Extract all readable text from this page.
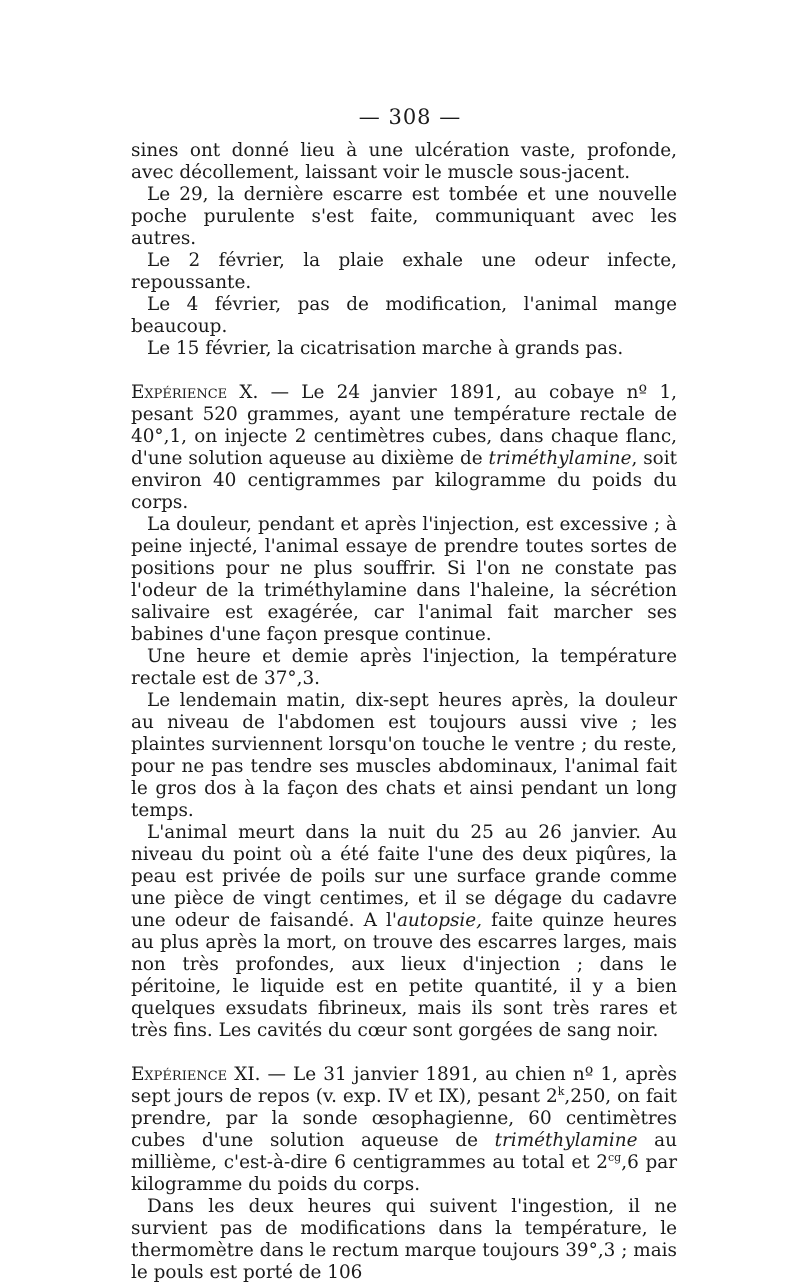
— 308 —

sines ont donné lieu à une ulcération vaste, profonde, avec décollement, laissant voir le muscle sous-jacent.

Le 29, la dernière escarre est tombée et une nouvelle poche purulente s'est faite, communiquant avec les autres.

Le 2 février, la plaie exhale une odeur infecte, repoussante.

Le 4 février, pas de modification, l'animal mange beaucoup.

Le 15 février, la cicatrisation marche à grands pas.

Expérience X. — Le 24 janvier 1891, au cobaye nº 1, pesant 520 grammes, ayant une température rectale de 40°,1, on injecte 2 centimètres cubes, dans chaque flanc, d'une solution aqueuse au dixième de triméthylamine, soit environ 40 centigrammes par kilogramme du poids du corps.

La douleur, pendant et après l'injection, est excessive ; à peine injecté, l'animal essaye de prendre toutes sortes de positions pour ne plus souffrir. Si l'on ne constate pas l'odeur de la triméthylamine dans l'haleine, la sécrétion salivaire est exagérée, car l'animal fait marcher ses babines d'une façon presque continue.

Une heure et demie après l'injection, la température rectale est de 37°,3.

Le lendemain matin, dix-sept heures après, la douleur au niveau de l'abdomen est toujours aussi vive ; les plaintes surviennent lorsqu'on touche le ventre ; du reste, pour ne pas tendre ses muscles abdominaux, l'animal fait le gros dos à la façon des chats et ainsi pendant un long temps.

L'animal meurt dans la nuit du 25 au 26 janvier. Au niveau du point où a été faite l'une des deux piqûres, la peau est privée de poils sur une surface grande comme une pièce de vingt centimes, et il se dégage du cadavre une odeur de faisandé. A l'autopsie, faite quinze heures au plus après la mort, on trouve des escarres larges, mais non très profondes, aux lieux d'injection ; dans le péritoine, le liquide est en petite quantité, il y a bien quelques exsudats fibrineux, mais ils sont très rares et très fins. Les cavités du cœur sont gorgées de sang noir.

Expérience XI. — Le 31 janvier 1891, au chien nº 1, après sept jours de repos (v. exp. IV et IX), pesant 2$^k$,250, on fait prendre, par la sonde œsophagienne, 60 centimètres cubes d'une solution aqueuse de triméthylamine au millième, c'est-à-dire 6 centigrammes au total et $2^{cg},6$ par kilogramme du poids du corps.

Dans les deux heures qui suivent l'ingestion, il ne survient pas de modifications dans la température, le thermomètre dans le rectum marque toujours 39°,3 ; mais le pouls est porté de 106
